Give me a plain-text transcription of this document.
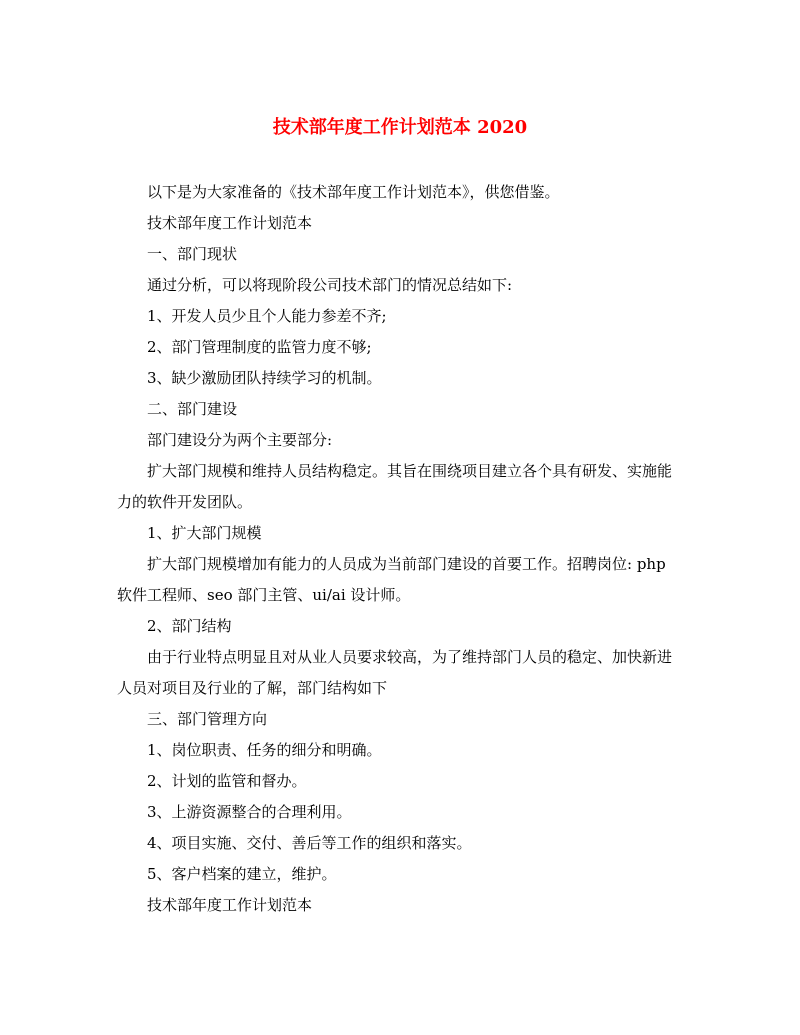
技术部年度工作计划范本 2020

以下是为大家准备的《技术部年度工作计划范本》，供您借鉴。

技术部年度工作计划范本

一、部门现状

通过分析，可以将现阶段公司技术部门的情况总结如下:

1、开发人员少且个人能力参差不齐;

2、部门管理制度的监管力度不够;

3、缺少激励团队持续学习的机制。

二、部门建设

部门建设分为两个主要部分:

扩大部门规模和维持人员结构稳定。其旨在围绕项目建立各个具有研发、实施能力的软件开发团队。

1、扩大部门规模

扩大部门规模增加有能力的人员成为当前部门建设的首要工作。招聘岗位: php 软件工程师、seo 部门主管、ui/ai 设计师。

2、部门结构

由于行业特点明显且对从业人员要求较高，为了维持部门人员的稳定、加快新进人员对项目及行业的了解，部门结构如下

三、部门管理方向

1、岗位职责、任务的细分和明确。

2、计划的监管和督办。

3、上游资源整合的合理利用。

4、项目实施、交付、善后等工作的组织和落实。

5、客户档案的建立，维护。

技术部年度工作计划范本
